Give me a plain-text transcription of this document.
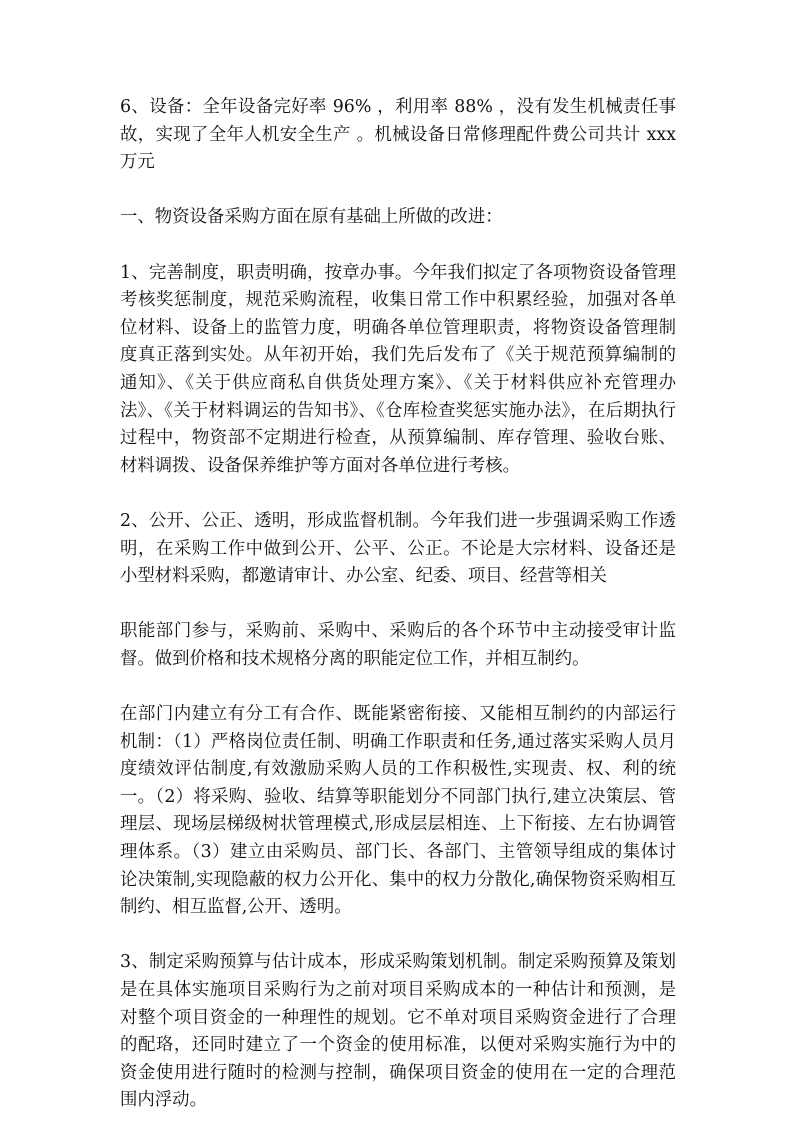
6、设备：全年设备完好率 96% ，利用率 88% ，没有发生机械责任事故，实现了全年人机安全生产 。机械设备日常修理配件费公司共计 xxx 万元

一、物资设备采购方面在原有基础上所做的改进：

1、完善制度，职责明确，按章办事。今年我们拟定了各项物资设备管理考核奖惩制度，规范采购流程，收集日常工作中积累经验，加强对各单位材料、设备上的监管力度，明确各单位管理职责，将物资设备管理制度真正落到实处。从年初开始，我们先后发布了《关于规范预算编制的通知》、《关于供应商私自供货处理方案》、《关于材料供应补充管理办法》、《关于材料调运的告知书》、《仓库检查奖惩实施办法》，在后期执行过程中，物资部不定期进行检查，从预算编制、库存管理、验收台账、材料调拨、设备保养维护等方面对各单位进行考核。

2、公开、公正、透明，形成监督机制。今年我们进一步强调采购工作透明，在采购工作中做到公开、公平、公正。不论是大宗材料、设备还是小型材料采购，都邀请审计、办公室、纪委、项目、经营等相关

职能部门参与，采购前、采购中、采购后的各个环节中主动接受审计监督。做到价格和技术规格分离的职能定位工作，并相互制约。

在部门内建立有分工有合作、既能紧密衔接、又能相互制约的内部运行机制：（1）严格岗位责任制、明确工作职责和任务,通过落实采购人员月度绩效评估制度,有效激励采购人员的工作积极性,实现责、权、利的统一。（2）将采购、验收、结算等职能划分不同部门执行,建立决策层、管理层、现场层梯级树状管理模式,形成层层相连、上下衔接、左右协调管理体系。（3）建立由采购员、部门长、各部门、主管领导组成的集体讨论决策制,实现隐蔽的权力公开化、集中的权力分散化,确保物资采购相互制约、相互监督,公开、透明。

3、制定采购预算与估计成本，形成采购策划机制。制定采购预算及策划是在具体实施项目采购行为之前对项目采购成本的一种估计和预测，是对整个项目资金的一种理性的规划。它不单对项目采购资金进行了合理的配珞，还同时建立了一个资金的使用标准，以便对采购实施行为中的资金使用进行随时的检测与控制，确保项目资金的使用在一定的合理范围内浮动。
